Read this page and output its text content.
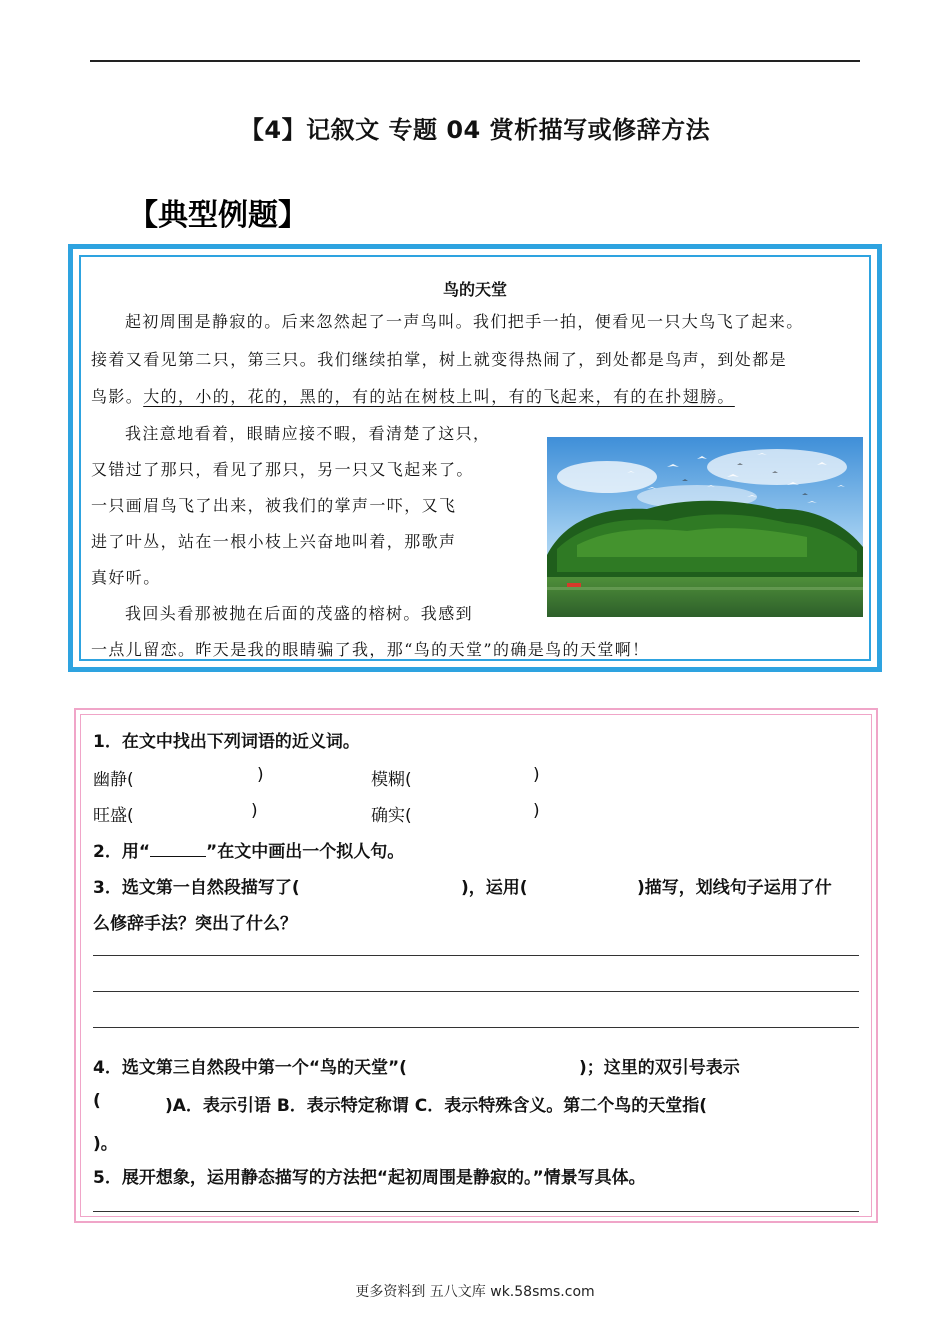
【4】记叙文 专题 04 赏析描写或修辞方法
【典型例题】
鸟的天堂
起初周围是静寂的。后来忽然起了一声鸟叫。我们把手一拍，便看见一只大鸟飞了起来。
接着又看见第二只，第三只。我们继续拍掌，树上就变得热闹了，到处都是鸟声，到处都是
鸟影。大的，小的，花的，黑的，有的站在树枝上叫，有的飞起来，有的在扑翅膀。
我注意地看着，眼睛应接不暇，看清楚了这只，
又错过了那只，看见了那只，另一只又飞起来了。
一只画眉鸟飞了出来，被我们的掌声一吓，又飞
进了叶丛，站在一根小枝上兴奋地叫着，那歌声
真好听。
我回头看那被抛在后面的茂盛的榕树。我感到
一点儿留恋。昨天是我的眼睛骗了我，那“鸟的天堂”的确是鸟的天堂啊！
1．在文中找出下列词语的近义词。
幽静(	)	模糊(	)
旺盛(	)	确实(	)
2．用“	”在文中画出一个拟人句。
3．选文第一自然段描写了(	)，运用(	)描写，划线句子运用了什
么修辞手法？突出了什么？
4．选文第三自然段中第一个“鸟的天堂”(	)；这里的双引号表示
(	)A．表示引语 B．表示特定称谓 C．表示特殊含义。第二个鸟的天堂指(
)。
5．展开想象，运用静态描写的方法把“起初周围是静寂的。”情景写具体。
更多资料到 五八文库 wk.58sms.com
